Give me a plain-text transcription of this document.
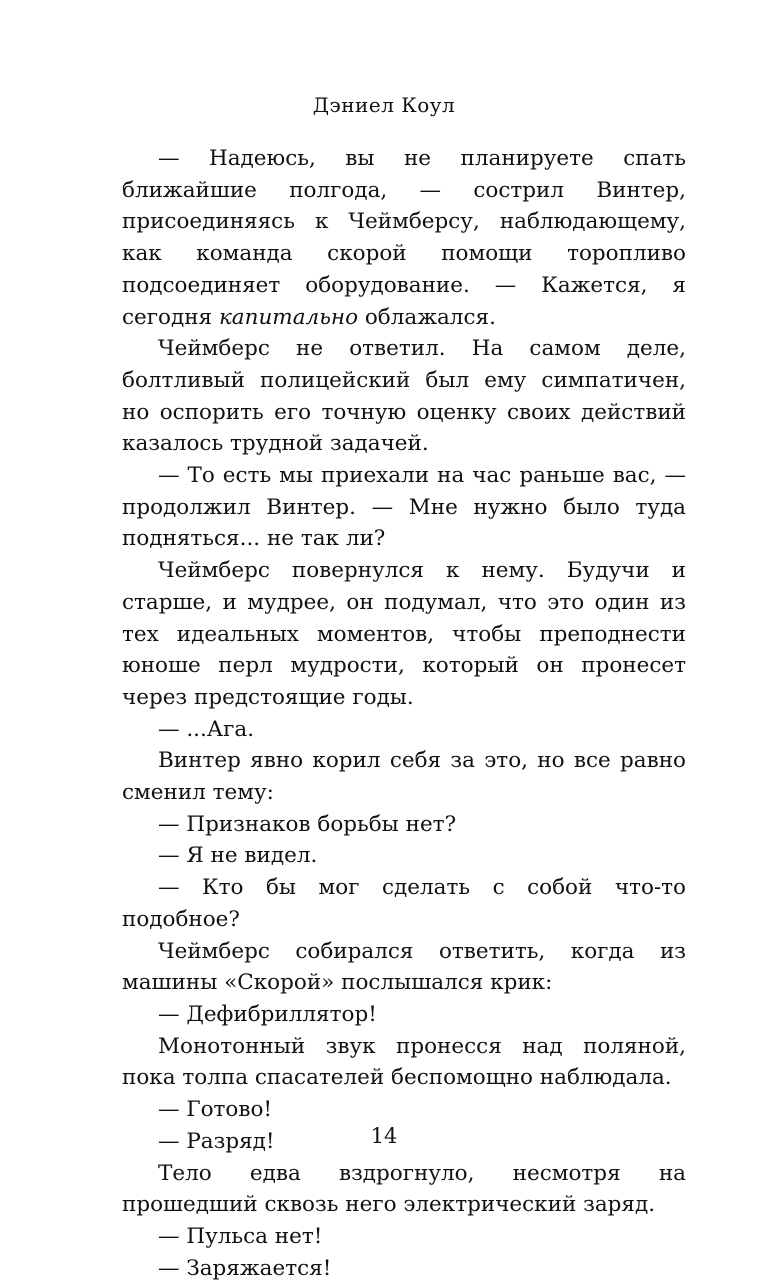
Дэниел Коул

— Надеюсь, вы не планируете спать ближайшие полгода, — сострил Винтер, присоединяясь к Чеймберсу, наблюдающему, как команда скорой помощи торопливо подсоединяет оборудование. — Кажется, я сегодня капитально облажался.

Чеймберс не ответил. На самом деле, болтливый полицейский был ему симпатичен, но оспорить его точную оценку своих действий казалось трудной задачей.

— То есть мы приехали на час раньше вас, — продолжил Винтер. — Мне нужно было туда подняться... не так ли?

Чеймберс повернулся к нему. Будучи и старше, и мудрее, он подумал, что это один из тех идеальных моментов, чтобы преподнести юноше перл мудрости, который он пронесет через предстоящие годы.

— ...Ага.

Винтер явно корил себя за это, но все равно сменил тему:

— Признаков борьбы нет?

— Я не видел.

— Кто бы мог сделать с собой что-то подобное?

Чеймберс собирался ответить, когда из машины «Скорой» послышался крик:

— Дефибриллятор!

Монотонный звук пронесся над поляной, пока толпа спасателей беспомощно наблюдала.

— Готово!

— Разряд!

Тело едва вздрогнуло, несмотря на прошедший сквозь него электрический заряд.

— Пульса нет!

— Заряжается!

14
